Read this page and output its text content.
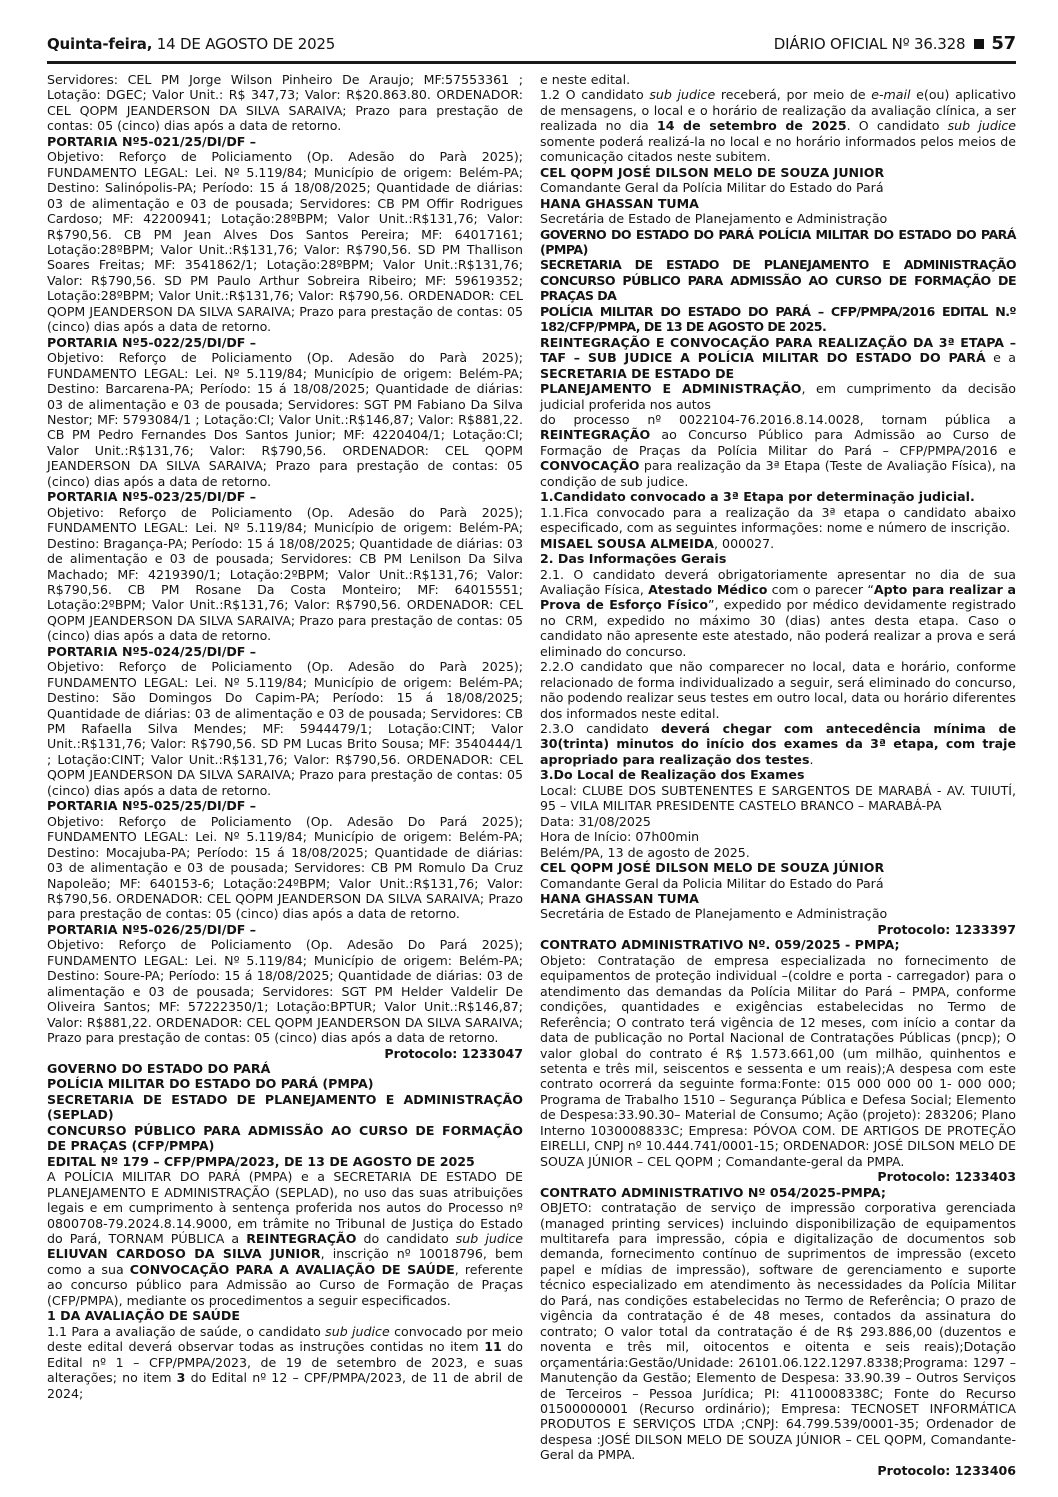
Quinta-feira, 14 DE AGOSTO DE 2025	DIÁRIO OFICIAL Nº 36.328 57

Servidores: CEL PM Jorge Wilson Pinheiro De Araujo; MF:57553361 ; Lotação: DGEC; Valor Unit.: R$ 347,73; Valor: R$20.863.80. ORDENADOR: CEL QOPM JEANDERSON DA SILVA SARAIVA; Prazo para prestação de contas: 05 (cinco) dias após a data de retorno.

PORTARIA Nº5-021/25/DI/DF –

Objetivo: Reforço de Policiamento (Op. Adesão do Parà 2025); FUNDAMENTO LEGAL: Lei. Nº 5.119/84; Município de origem: Belém-PA; Destino: Salinópolis-PA; Período: 15 á 18/08/2025; Quantidade de diárias: 03 de alimentação e 03 de pousada; Servidores: CB PM Offir Rodrigues Cardoso; MF: 42200941; Lotação:28ºBPM; Valor Unit.:R$131,76; Valor: R$790,56. CB PM Jean Alves Dos Santos Pereira; MF: 64017161; Lotação:28ºBPM; Valor Unit.:R$131,76; Valor: R$790,56. SD PM Thallison Soares Freitas; MF: 3541862/1; Lotação:28ºBPM; Valor Unit.:R$131,76; Valor: R$790,56. SD PM Paulo Arthur Sobreira Ribeiro; MF: 59619352; Lotação:28ºBPM; Valor Unit.:R$131,76; Valor: R$790,56. ORDENADOR: CEL QOPM JEANDERSON DA SILVA SARAIVA; Prazo para prestação de contas: 05 (cinco) dias após a data de retorno.

PORTARIA Nº5-022/25/DI/DF –

Objetivo: Reforço de Policiamento (Op. Adesão do Parà 2025); FUNDAMENTO LEGAL: Lei. Nº 5.119/84; Município de origem: Belém-PA; Destino: Barcarena-PA; Período: 15 á 18/08/2025; Quantidade de diárias: 03 de alimentação e 03 de pousada; Servidores: SGT PM Fabiano Da Silva Nestor; MF: 5793084/1 ; Lotação:CI; Valor Unit.:R$146,87; Valor: R$881,22. CB PM Pedro Fernandes Dos Santos Junior; MF: 4220404/1; Lotação:CI; Valor Unit.:R$131,76; Valor: R$790,56. ORDENADOR: CEL QOPM JEANDERSON DA SILVA SARAIVA; Prazo para prestação de contas: 05 (cinco) dias após a data de retorno.

PORTARIA Nº5-023/25/DI/DF –

Objetivo: Reforço de Policiamento (Op. Adesão do Parà 2025); FUNDAMENTO LEGAL: Lei. Nº 5.119/84; Município de origem: Belém-PA; Destino: Bragança-PA; Período: 15 á 18/08/2025; Quantidade de diárias: 03 de alimentação e 03 de pousada; Servidores: CB PM Lenilson Da Silva Machado; MF: 4219390/1; Lotação:2ºBPM; Valor Unit.:R$131,76; Valor: R$790,56. CB PM Rosane Da Costa Monteiro; MF: 64015551; Lotação:2ºBPM; Valor Unit.:R$131,76; Valor: R$790,56. ORDENADOR: CEL QOPM JEANDERSON DA SILVA SARAIVA; Prazo para prestação de contas: 05 (cinco) dias após a data de retorno.

PORTARIA Nº5-024/25/DI/DF –

Objetivo: Reforço de Policiamento (Op. Adesão do Parà 2025); FUNDAMENTO LEGAL: Lei. Nº 5.119/84; Município de origem: Belém-PA; Destino: São Domingos Do Capim-PA; Período: 15 á 18/08/2025; Quantidade de diárias: 03 de alimentação e 03 de pousada; Servidores: CB PM Rafaella Silva Mendes; MF: 5944479/1; Lotação:CINT; Valor Unit.:R$131,76; Valor: R$790,56. SD PM Lucas Brito Sousa; MF: 3540444/1 ; Lotação:CINT; Valor Unit.:R$131,76; Valor: R$790,56. ORDENADOR: CEL QOPM JEANDERSON DA SILVA SARAIVA; Prazo para prestação de contas: 05 (cinco) dias após a data de retorno.

PORTARIA Nº5-025/25/DI/DF –

Objetivo: Reforço de Policiamento (Op. Adesão Do Pará 2025); FUNDAMENTO LEGAL: Lei. Nº 5.119/84; Município de origem: Belém-PA; Destino: Mocajuba-PA; Período: 15 á 18/08/2025; Quantidade de diárias: 03 de alimentação e 03 de pousada; Servidores: CB PM Romulo Da Cruz Napoleão; MF: 640153-6; Lotação:24ºBPM; Valor Unit.:R$131,76; Valor: R$790,56. ORDENADOR: CEL QOPM JEANDERSON DA SILVA SARAIVA; Prazo para prestação de contas: 05 (cinco) dias após a data de retorno.

PORTARIA Nº5-026/25/DI/DF –

Objetivo: Reforço de Policiamento (Op. Adesão Do Pará 2025); FUNDAMENTO LEGAL: Lei. Nº 5.119/84; Município de origem: Belém-PA; Destino: Soure-PA; Período: 15 á 18/08/2025; Quantidade de diárias: 03 de alimentação e 03 de pousada; Servidores: SGT PM Helder Valdelir De Oliveira Santos; MF: 57222350/1; Lotação:BPTUR; Valor Unit.:R$146,87; Valor: R$881,22. ORDENADOR: CEL QOPM JEANDERSON DA SILVA SARAIVA; Prazo para prestação de contas: 05 (cinco) dias após a data de retorno.

Protocolo: 1233047

GOVERNO DO ESTADO DO PARÁ

POLÍCIA MILITAR DO ESTADO DO PARÁ (PMPA)

SECRETARIA DE ESTADO DE PLANEJAMENTO E ADMINISTRAÇÃO (SEPLAD)

CONCURSO PÚBLICO PARA ADMISSÃO AO CURSO DE FORMAÇÃO DE PRAÇAS (CFP/PMPA)

EDITAL Nº 179 – CFP/PMPA/2023, DE 13 DE AGOSTO DE 2025

A POLÍCIA MILITAR DO PARÁ (PMPA) e a SECRETARIA DE ESTADO DE PLANEJAMENTO E ADMINISTRAÇÃO (SEPLAD), no uso das suas atribuições legais e em cumprimento à sentença proferida nos autos do Processo nº 0800708-79.2024.8.14.9000, em trâmite no Tribunal de Justiça do Estado do Pará, TORNAM PÚBLICA a REINTEGRAÇÃO do candidato sub judice ELIUVAN CARDOSO DA SILVA JUNIOR, inscrição nº 10018796, bem como a sua CONVOCAÇÃO PARA A AVALIAÇÃO DE SAÚDE, referente ao concurso público para Admissão ao Curso de Formação de Praças (CFP/PMPA), mediante os procedimentos a seguir especificados.

1 DA AVALIAÇÃO DE SAÚDE

1.1 Para a avaliação de saúde, o candidato sub judice convocado por meio deste edital deverá observar todas as instruções contidas no item 11 do Edital nº 1 – CFP/PMPA/2023, de 19 de setembro de 2023, e suas alterações; no item 3 do Edital nº 12 – CPF/PMPA/2023, de 11 de abril de 2024;

e neste edital.

1.2 O candidato sub judice receberá, por meio de e-mail e(ou) aplicativo de mensagens, o local e o horário de realização da avaliação clínica, a ser realizada no dia 14 de setembro de 2025. O candidato sub judice somente poderá realizá-la no local e no horário informados pelos meios de comunicação citados neste subitem.

CEL QOPM JOSÉ DILSON MELO DE SOUZA JUNIOR

Comandante Geral da Polícia Militar do Estado do Pará

HANA GHASSAN TUMA

Secretária de Estado de Planejamento e Administração

GOVERNO DO ESTADO DO PARÁ POLÍCIA MILITAR DO ESTADO DO PARÁ (PMPA)

SECRETARIA DE ESTADO DE PLANEJAMENTO E ADMINISTRAÇÃO CONCURSO PÚBLICO PARA ADMISSÃO AO CURSO DE FORMAÇÃO DE PRAÇAS DA

POLÍCIA MILITAR DO ESTADO DO PARÁ – CFP/PMPA/2016 EDITAL N.º 182/CFP/PMPA, DE 13 DE AGOSTO DE 2025.

REINTEGRAÇÃO E CONVOCAÇÃO PARA REALIZAÇÃO DA 3ª ETAPA – TAF – SUB JUDICE A POLÍCIA MILITAR DO ESTADO DO PARÁ e a SECRETARIA DE ESTADO DE

PLANEJAMENTO E ADMINISTRAÇÃO, em cumprimento da decisão judicial proferida nos autos

do processo nº 0022104-76.2016.8.14.0028, tornam pública a REINTEGRAÇÃO ao Concurso Público para Admissão ao Curso de Formação de Praças da Polícia Militar do Pará – CFP/PMPA/2016 e CONVOCAÇÃO para realização da 3ª Etapa (Teste de Avaliação Física), na condição de sub judice.

1.Candidato convocado a 3ª Etapa por determinação judicial.

1.1.Fica convocado para a realização da 3ª etapa o candidato abaixo especificado, com as seguintes informações: nome e número de inscrição.

MISAEL SOUSA ALMEIDA, 000027.

2. Das Informações Gerais

2.1. O candidato deverá obrigatoriamente apresentar no dia de sua Avaliação Física, Atestado Médico com o parecer “Apto para realizar a Prova de Esforço Físico”, expedido por médico devidamente registrado no CRM, expedido no máximo 30 (dias) antes desta etapa. Caso o candidato não apresente este atestado, não poderá realizar a prova e será eliminado do concurso.

2.2.O candidato que não comparecer no local, data e horário, conforme relacionado de forma individualizado a seguir, será eliminado do concurso, não podendo realizar seus testes em outro local, data ou horário diferentes dos informados neste edital.

2.3.O candidato deverá chegar com antecedência mínima de 30(trinta) minutos do início dos exames da 3ª etapa, com traje apropriado para realização dos testes.

3.Do Local de Realização dos Exames

Local: CLUBE DOS SUBTENENTES E SARGENTOS DE MARABÁ - AV. TUIUTÍ, 95 – VILA MILITAR PRESIDENTE CASTELO BRANCO – MARABÁ-PA

Data: 31/08/2025

Hora de Início: 07h00min

Belém/PA, 13 de agosto de 2025.

CEL QOPM JOSÉ DILSON MELO DE SOUZA JÚNIOR

Comandante Geral da Policia Militar do Estado do Pará

HANA GHASSAN TUMA

Secretária de Estado de Planejamento e Administração

Protocolo: 1233397

CONTRATO ADMINISTRATIVO Nº. 059/2025 - PMPA;

Objeto: Contratação de empresa especializada no fornecimento de equipamentos de proteção individual –(coldre e porta - carregador) para o atendimento das demandas da Polícia Militar do Pará – PMPA, conforme condições, quantidades e exigências estabelecidas no Termo de Referência; O contrato terá vigência de 12 meses, com início a contar da data de publicação no Portal Nacional de Contratações Públicas (pncp); O valor global do contrato é R$ 1.573.661,00 (um milhão, quinhentos e setenta e três mil, seiscentos e sessenta e um reais);A despesa com este contrato ocorrerá da seguinte forma:Fonte: 015 000 000 00 1- 000 000; Programa de Trabalho 1510 – Segurança Pública e Defesa Social; Elemento de Despesa:33.90.30– Material de Consumo; Ação (projeto): 283206; Plano Interno 1030008833C; Empresa: PÓVOA COM. DE ARTIGOS DE PROTEÇÃO EIRELLI, CNPJ nº 10.444.741/0001-15; ORDENADOR: JOSÉ DILSON MELO DE SOUZA JÚNIOR – CEL QOPM ; Comandante-geral da PMPA.

Protocolo: 1233403

CONTRATO ADMINISTRATIVO Nº 054/2025-PMPA;

OBJETO: contratação de serviço de impressão corporativa gerenciada (managed printing services) incluindo disponibilização de equipamentos multitarefa para impressão, cópia e digitalização de documentos sob demanda, fornecimento contínuo de suprimentos de impressão (exceto papel e mídias de impressão), software de gerenciamento e suporte técnico especializado em atendimento às necessidades da Polícia Militar do Pará, nas condições estabelecidas no Termo de Referência; O prazo de vigência da contratação é de 48 meses, contados da assinatura do contrato; O valor total da contratação é de R$ 293.886,00 (duzentos e noventa e três mil, oitocentos e oitenta e seis reais);Dotação orçamentária:Gestão/Unidade: 26101.06.122.1297.8338;Programa: 1297 – Manutenção da Gestão; Elemento de Despesa: 33.90.39 – Outros Serviços de Terceiros – Pessoa Jurídica; PI: 4110008338C; Fonte do Recurso 01500000001 (Recurso ordinário); Empresa: TECNOSET INFORMÁTICA PRODUTOS E SERVIÇOS LTDA ;CNPJ: 64.799.539/0001-35; Ordenador de despesa :JOSÉ DILSON MELO DE SOUZA JÚNIOR – CEL QOPM, Comandante-Geral da PMPA.

Protocolo: 1233406
